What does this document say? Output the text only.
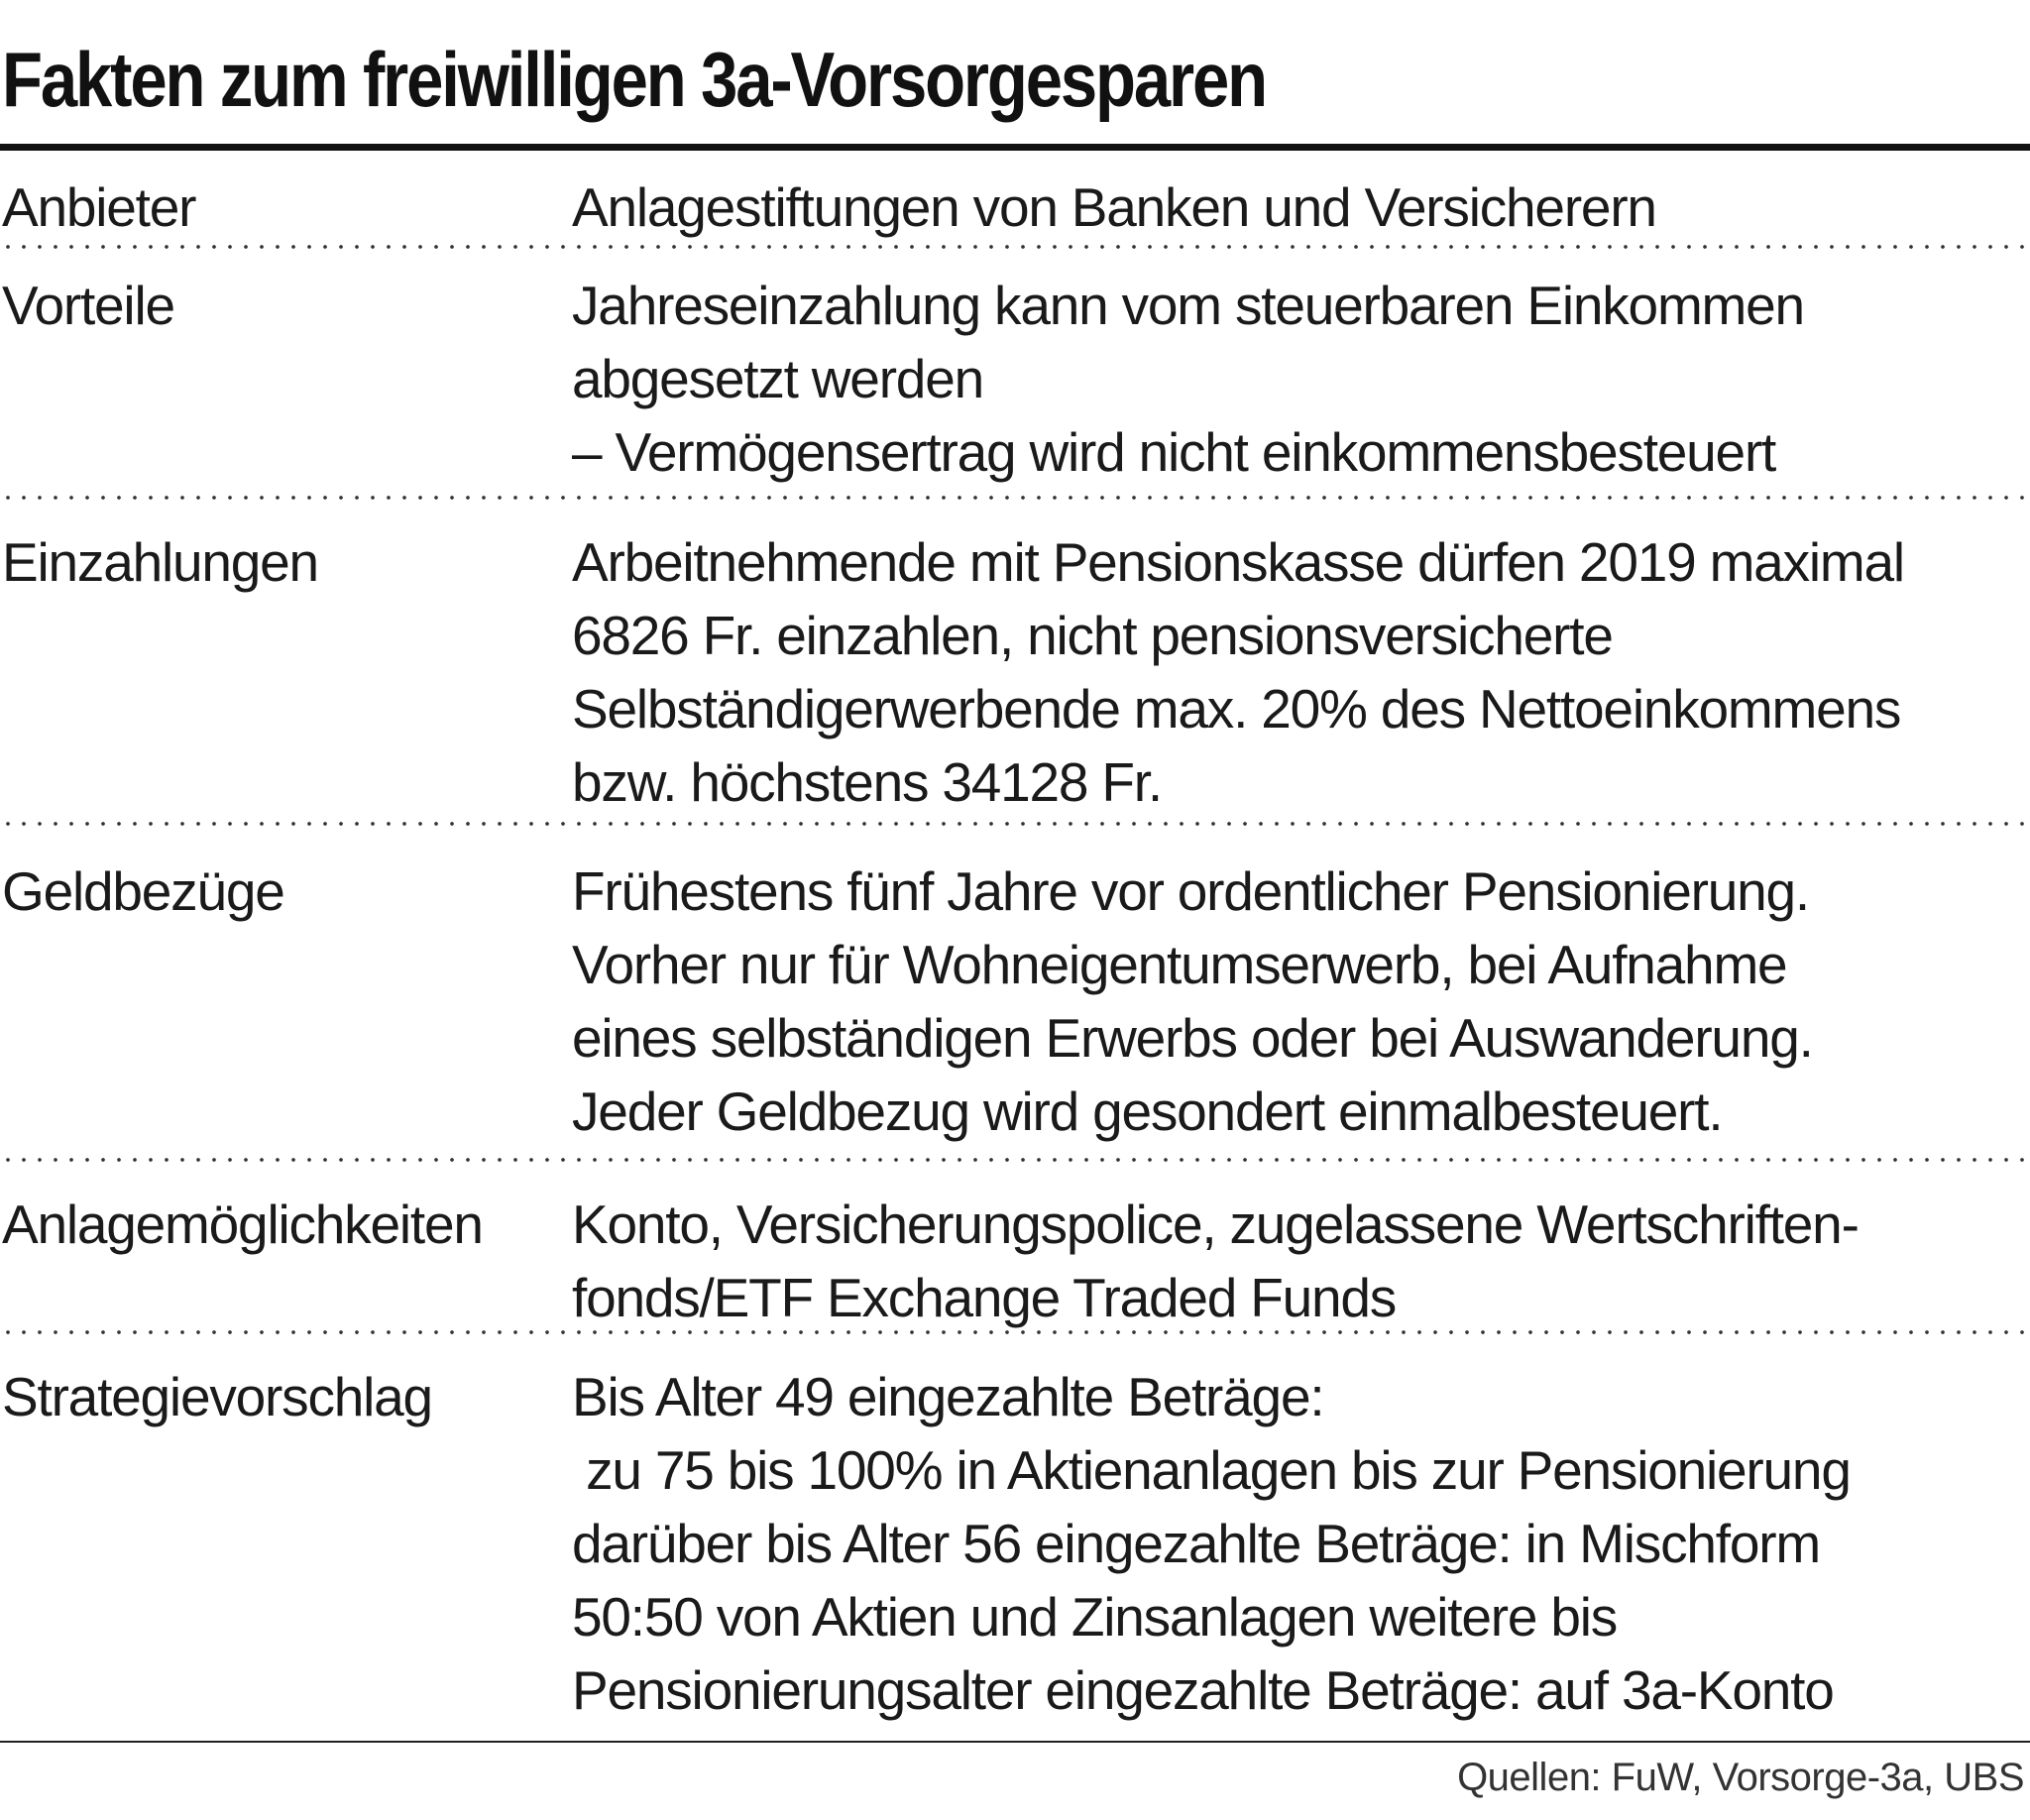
Fakten zum freiwilligen 3a-Vorsorgesparen
Anbieter	Anlagestiftungen von Banken und Versicherern
Vorteile	Jahreseinzahlung kann vom steuerbaren Einkommen
abgesetzt werden
– Vermögensertrag wird nicht einkommensbesteuert
Einzahlungen	Arbeitnehmende mit Pensionskasse dürfen 2019 maximal
6826 Fr. einzahlen, nicht pensionsversicherte
Selbständigerwerbende max. 20% des Nettoeinkommens
bzw. höchstens 34128 Fr.
Geldbezüge	Frühestens fünf Jahre vor ordentlicher Pensionierung.
Vorher nur für Wohneigentumserwerb, bei Aufnahme
eines selbständigen Erwerbs oder bei Auswanderung.
Jeder Geldbezug wird gesondert einmalbesteuert.
Anlagemöglichkeiten Konto, Versicherungspolice, zugelassene Wertschriften-
fonds/ETF Exchange Traded Funds
Strategievorschlag	Bis Alter 49 eingezahlte Beträge:
zu 75 bis 100% in Aktienanlagen bis zur Pensionierung
darüber bis Alter 56 eingezahlte Beträge: in Mischform
50:50 von Aktien und Zinsanlagen weitere bis
Pensionierungsalter eingezahlte Beträge: auf 3a-Konto
Quellen: FuW, Vorsorge-3a, UBS
